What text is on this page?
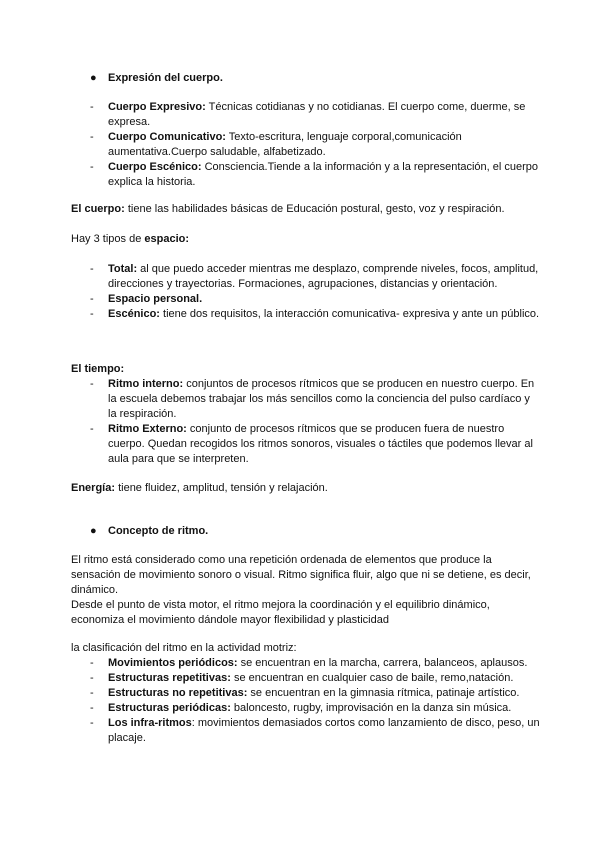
● Expresión del cuerpo.
- Cuerpo Expresivo: Técnicas cotidianas y no cotidianas. El cuerpo come, duerme, se expresa.
- Cuerpo Comunicativo: Texto-escritura, lenguaje corporal,comunicación aumentativa.Cuerpo saludable, alfabetizado.
- Cuerpo Escénico: Consciencia.Tiende a la información y a la representación, el cuerpo explica la historia.
El cuerpo: tiene las habilidades básicas de Educación postural, gesto, voz y respiración.
Hay 3 tipos de espacio:
- Total: al que puedo acceder mientras me desplazo, comprende niveles, focos, amplitud, direcciones y trayectorias. Formaciones, agrupaciones, distancias y orientación.
- Espacio personal.
- Escénico: tiene dos requisitos, la interacción comunicativa- expresiva y ante un público.
El tiempo:
- Ritmo interno: conjuntos de procesos rítmicos que se producen en nuestro cuerpo. En la escuela debemos trabajar los más sencillos como la conciencia del pulso cardíaco y la respiración.
- Ritmo Externo: conjunto de procesos rítmicos que se producen fuera de nuestro cuerpo. Quedan recogidos los ritmos sonoros, visuales o táctiles que podemos llevar al aula para que se interpreten.
Energía: tiene fluidez, amplitud, tensión y relajación.
● Concepto de ritmo.
El ritmo está considerado como una repetición ordenada de elementos que produce la sensación de movimiento sonoro o visual. Ritmo significa fluir, algo que ni se detiene, es decir, dinámico.
Desde el punto de vista motor, el ritmo mejora la coordinación y el equilibrio dinámico, economiza el movimiento dándole mayor flexibilidad y plasticidad
la clasificación del ritmo en la actividad motriz:
- Movimientos periódicos: se encuentran en la marcha, carrera, balanceos, aplausos.
- Estructuras repetitivas: se encuentran en cualquier caso de baile, remo,natación.
- Estructuras no repetitivas: se encuentran en la gimnasia rítmica, patinaje artístico.
- Estructuras periódicas: baloncesto, rugby, improvisación en la danza sin música.
- Los infra-ritmos: movimientos demasiados cortos como lanzamiento de disco, peso, un placaje.
